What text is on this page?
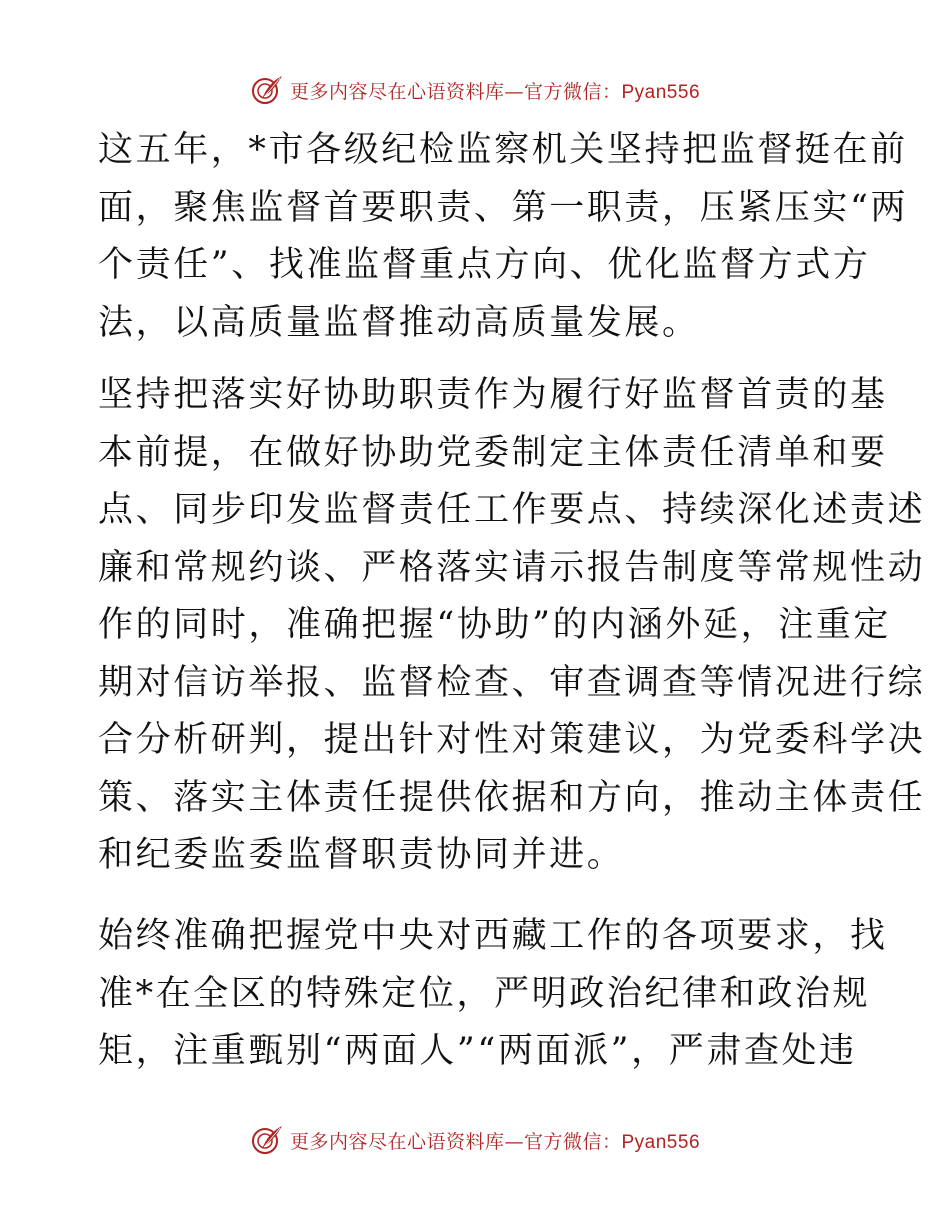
更多内容尽在心语资料库—官方微信：Pyan556
这五年，*市各级纪检监察机关坚持把监督挺在前
面，聚焦监督首要职责、第一职责，压紧压实“两
个责任”、找准监督重点方向、优化监督方式方
法，以高质量监督推动高质量发展。
坚持把落实好协助职责作为履行好监督首责的基
本前提，在做好协助党委制定主体责任清单和要
点、同步印发监督责任工作要点、持续深化述责述
廉和常规约谈、严格落实请示报告制度等常规性动
作的同时，准确把握“协助”的内涵外延，注重定
期对信访举报、监督检查、审查调查等情况进行综
合分析研判，提出针对性对策建议，为党委科学决
策、落实主体责任提供依据和方向，推动主体责任
和纪委监委监督职责协同并进。
始终准确把握党中央对西藏工作的各项要求，找
准*在全区的特殊定位，严明政治纪律和政治规
矩，注重甄别“两面人”“两面派”，严肃查处违
更多内容尽在心语资料库—官方微信：Pyan556
